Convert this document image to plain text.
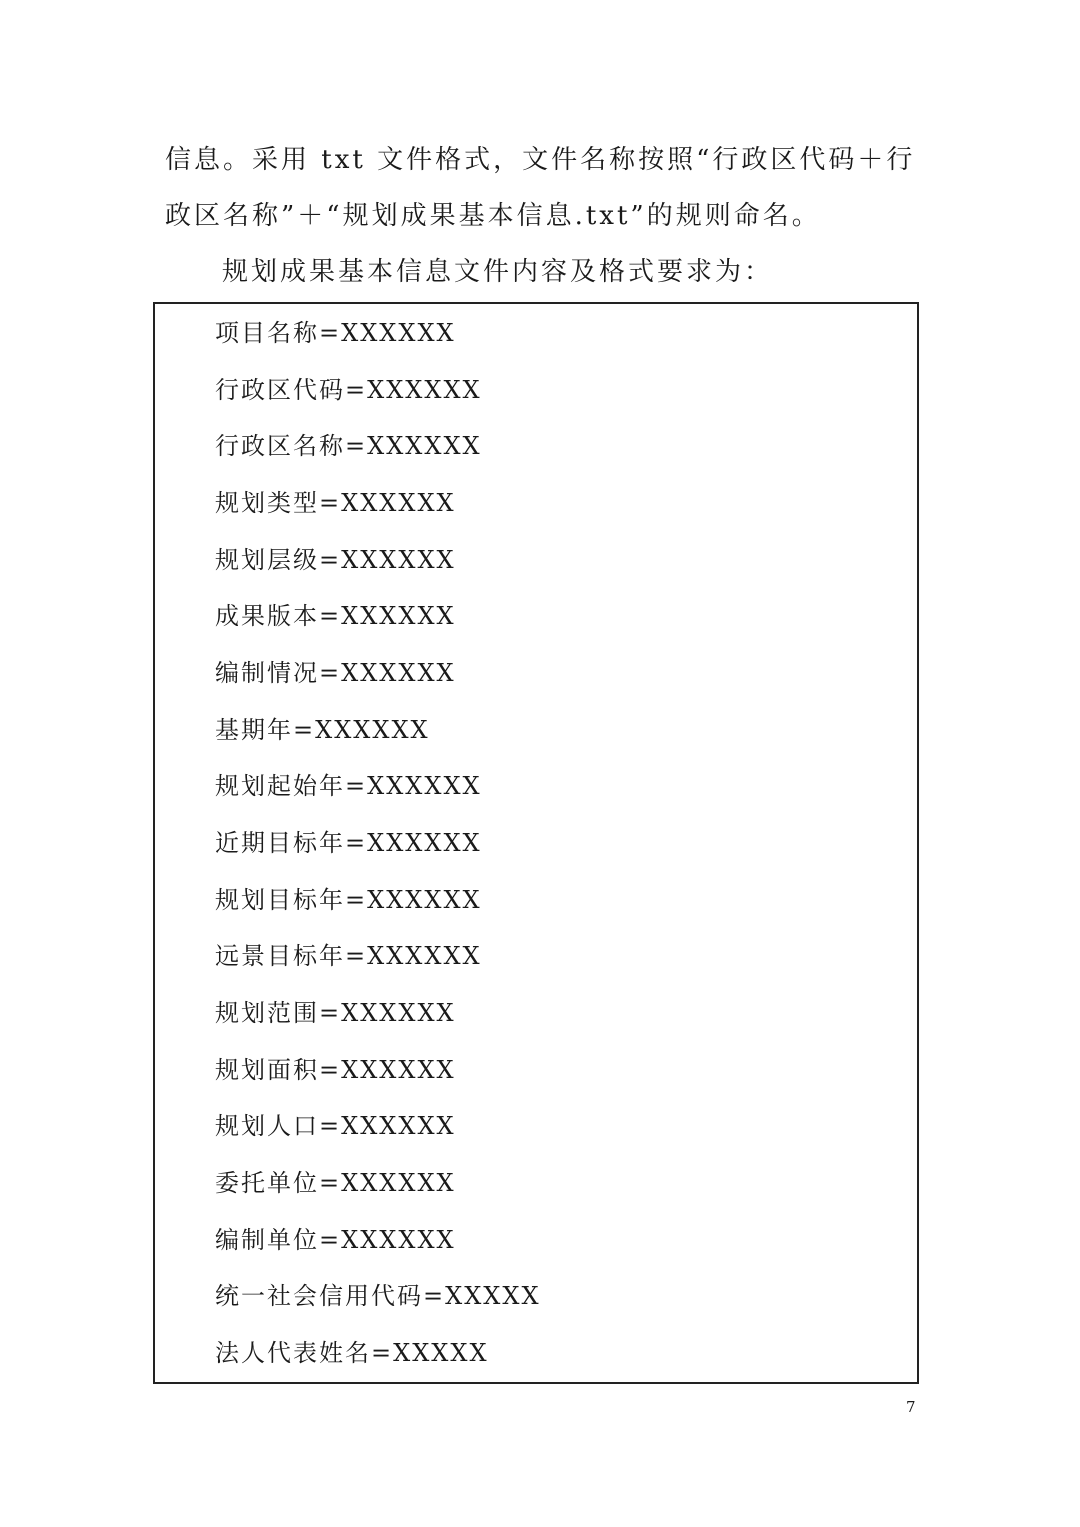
信息。采用 txt 文件格式，文件名称按照“行政区代码＋行
政区名称”＋“规划成果基本信息.txt”的规则命名。
规划成果基本信息文件内容及格式要求为：
项目名称=XXXXXX
行政区代码=XXXXXX
行政区名称=XXXXXX
规划类型=XXXXXX
规划层级=XXXXXX
成果版本=XXXXXX
编制情况=XXXXXX
基期年=XXXXXX
规划起始年=XXXXXX
近期目标年=XXXXXX
规划目标年=XXXXXX
远景目标年=XXXXXX
规划范围=XXXXXX
规划面积=XXXXXX
规划人口=XXXXXX
委托单位=XXXXXX
编制单位=XXXXXX
统一社会信用代码=XXXXX
法人代表姓名=XXXXX
7
